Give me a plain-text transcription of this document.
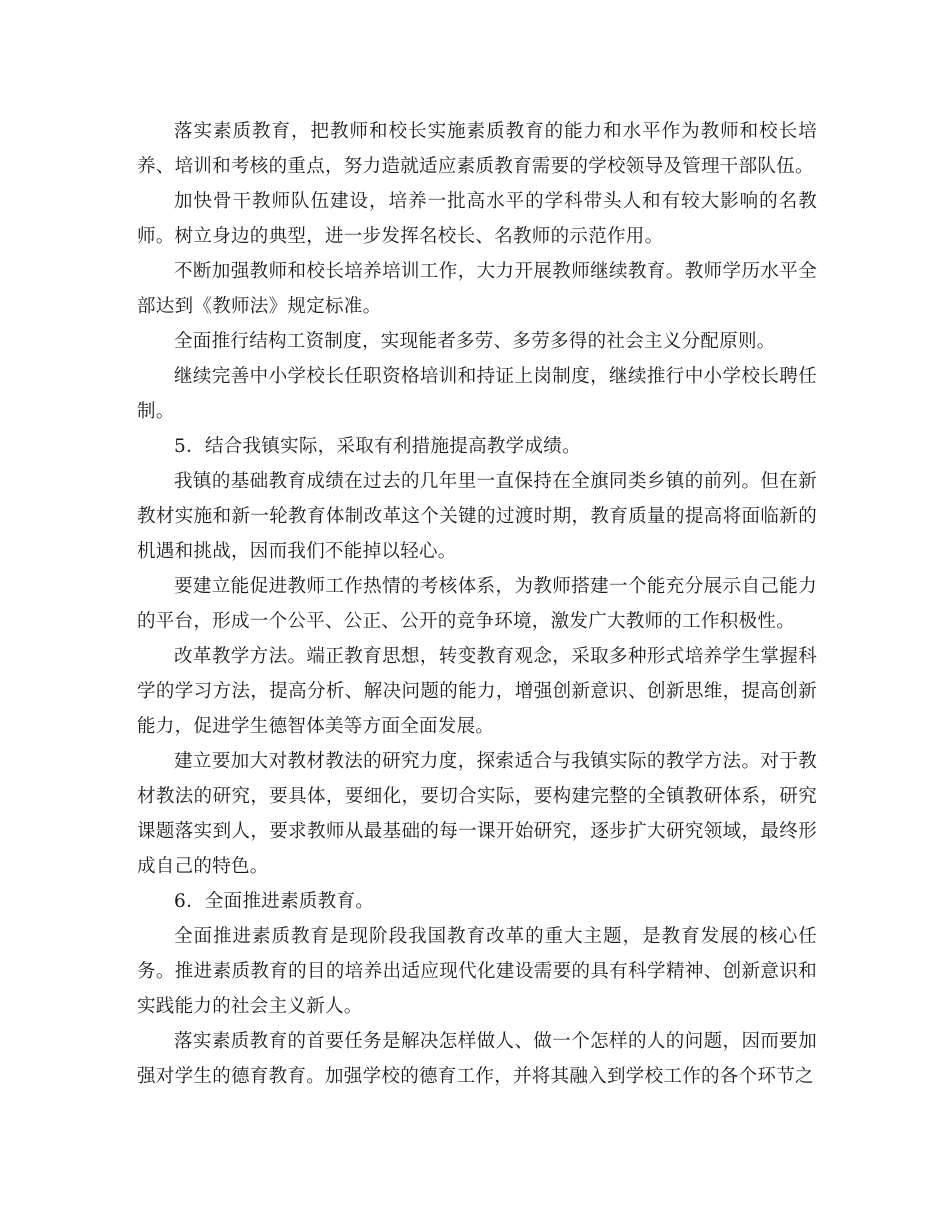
落实素质教育，把教师和校长实施素质教育的能力和水平作为教师和校长培养、培训和考核的重点，努力造就适应素质教育需要的学校领导及管理干部队伍。

加快骨干教师队伍建设，培养一批高水平的学科带头人和有较大影响的名教师。树立身边的典型，进一步发挥名校长、名教师的示范作用。

不断加强教师和校长培养培训工作，大力开展教师继续教育。教师学历水平全部达到《教师法》规定标准。

全面推行结构工资制度，实现能者多劳、多劳多得的社会主义分配原则。

继续完善中小学校长任职资格培训和持证上岗制度，继续推行中小学校长聘任制。

5．结合我镇实际，采取有利措施提高教学成绩。

我镇的基础教育成绩在过去的几年里一直保持在全旗同类乡镇的前列。但在新教材实施和新一轮教育体制改革这个关键的过渡时期，教育质量的提高将面临新的机遇和挑战，因而我们不能掉以轻心。

要建立能促进教师工作热情的考核体系，为教师搭建一个能充分展示自己能力的平台，形成一个公平、公正、公开的竞争环境，激发广大教师的工作积极性。

改革教学方法。端正教育思想，转变教育观念，采取多种形式培养学生掌握科学的学习方法，提高分析、解决问题的能力，增强创新意识、创新思维，提高创新能力，促进学生德智体美等方面全面发展。

建立要加大对教材教法的研究力度，探索适合与我镇实际的教学方法。对于教材教法的研究，要具体，要细化，要切合实际，要构建完整的全镇教研体系，研究课题落实到人，要求教师从最基础的每一课开始研究，逐步扩大研究领域，最终形成自己的特色。

6．全面推进素质教育。

全面推进素质教育是现阶段我国教育改革的重大主题，是教育发展的核心任务。推进素质教育的目的培养出适应现代化建设需要的具有科学精神、创新意识和实践能力的社会主义新人。

落实素质教育的首要任务是解决怎样做人、做一个怎样的人的问题，因而要加强对学生的德育教育。加强学校的德育工作，并将其融入到学校工作的各个环节之
